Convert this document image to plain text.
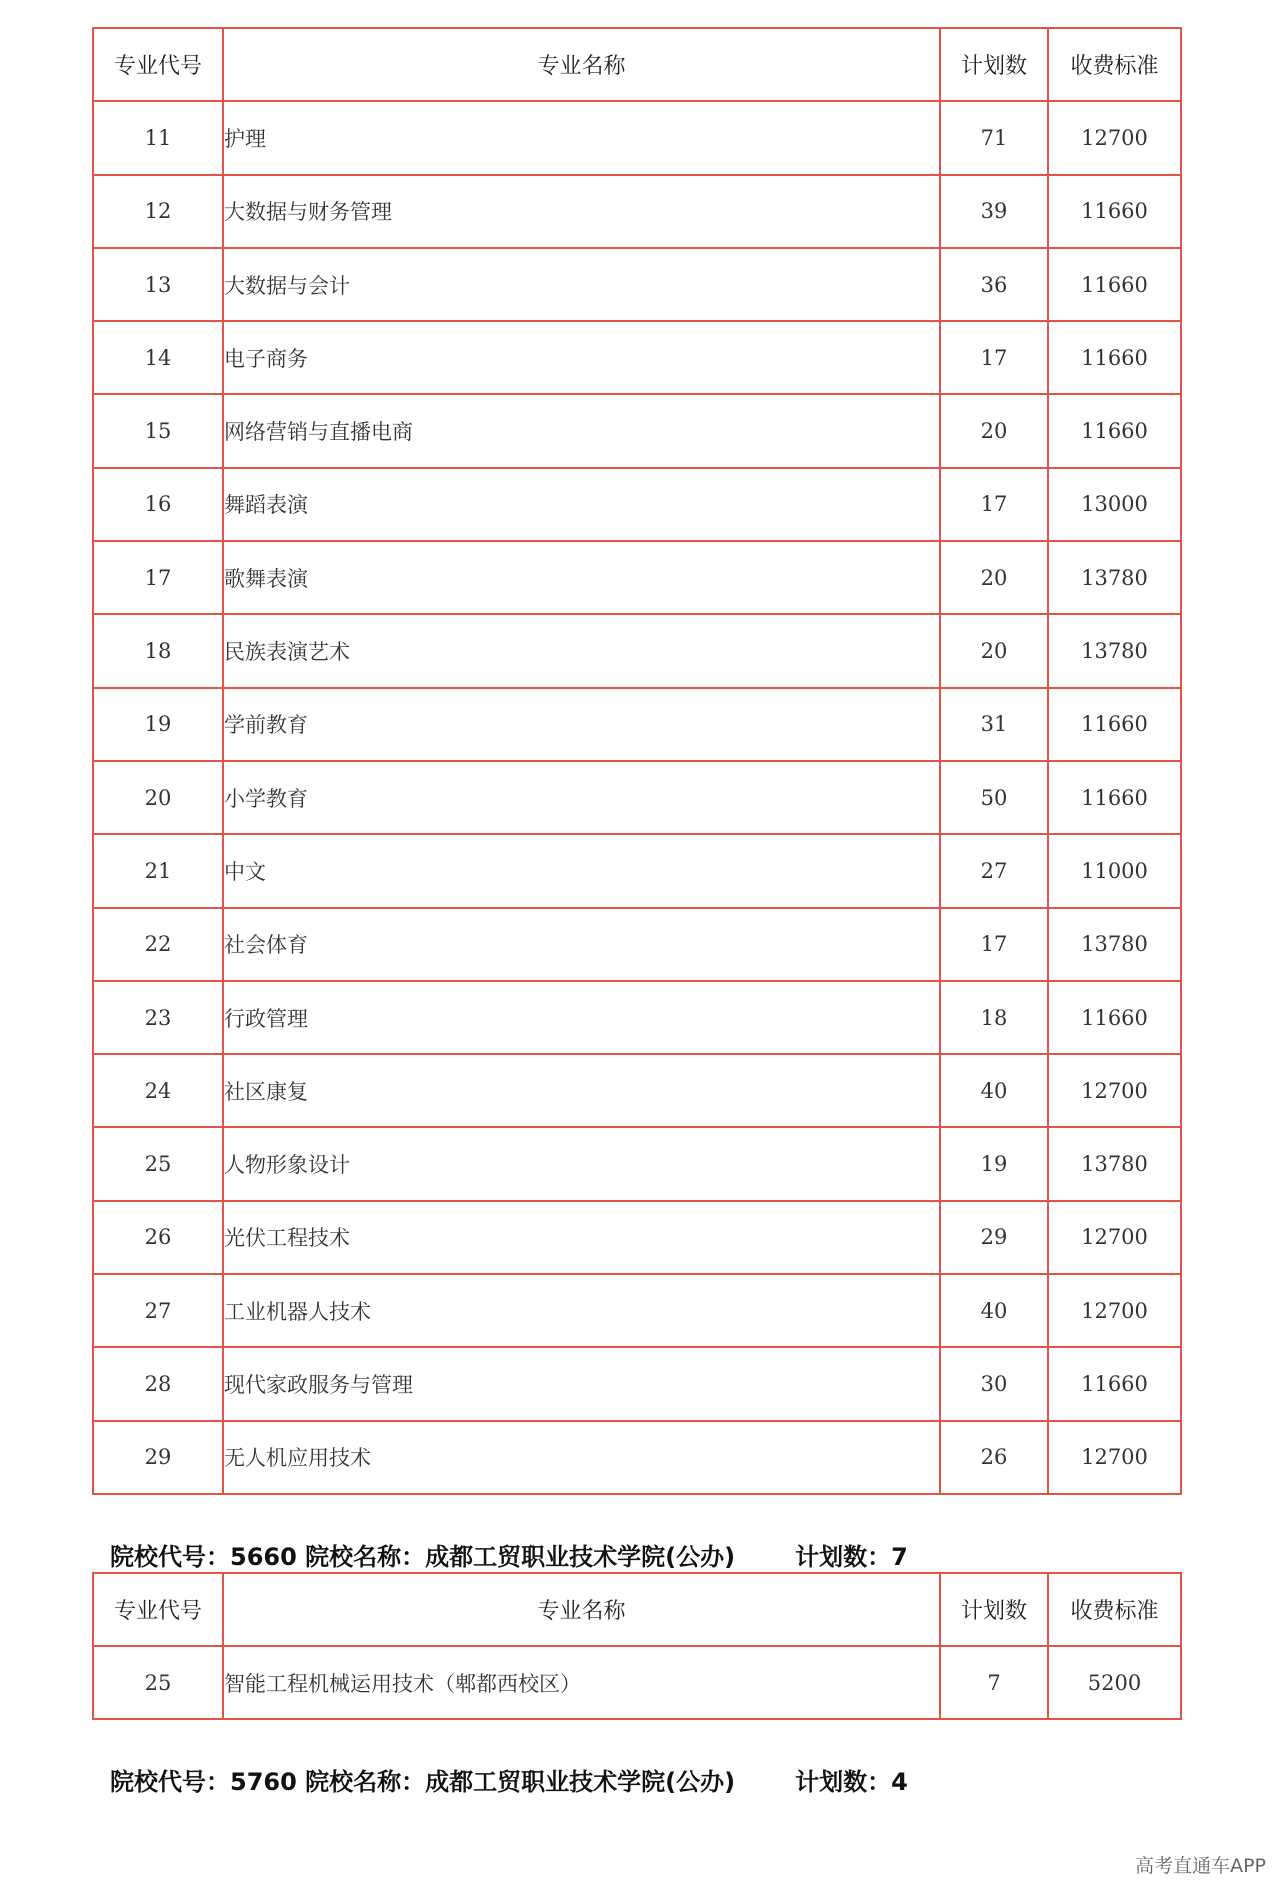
专业代号	专业名称	计划数	收费标准
11	护理	71	12700
12	大数据与财务管理	39	11660
13	大数据与会计	36	11660
14	电子商务	17	11660
15	网络营销与直播电商	20	11660
16	舞蹈表演	17	13000
17	歌舞表演	20	13780
18	民族表演艺术	20	13780
19	学前教育	31	11660
20	小学教育	50	11660
21	中文	27	11000
22	社会体育	17	13780
23	行政管理	18	11660
24	社区康复	40	12700
25	人物形象设计	19	13780
26	光伏工程技术	29	12700
27	工业机器人技术	40	12700
28	现代家政服务与管理	30	11660
29	无人机应用技术	26	12700
院校代号：5660 院校名称：成都工贸职业技术学院(公办)	计划数：7
专业代号	专业名称	计划数	收费标准
25	智能工程机械运用技术（郫都西校区）	7	5200
院校代号：5760 院校名称：成都工贸职业技术学院(公办)	计划数：4
高考直通车APP
